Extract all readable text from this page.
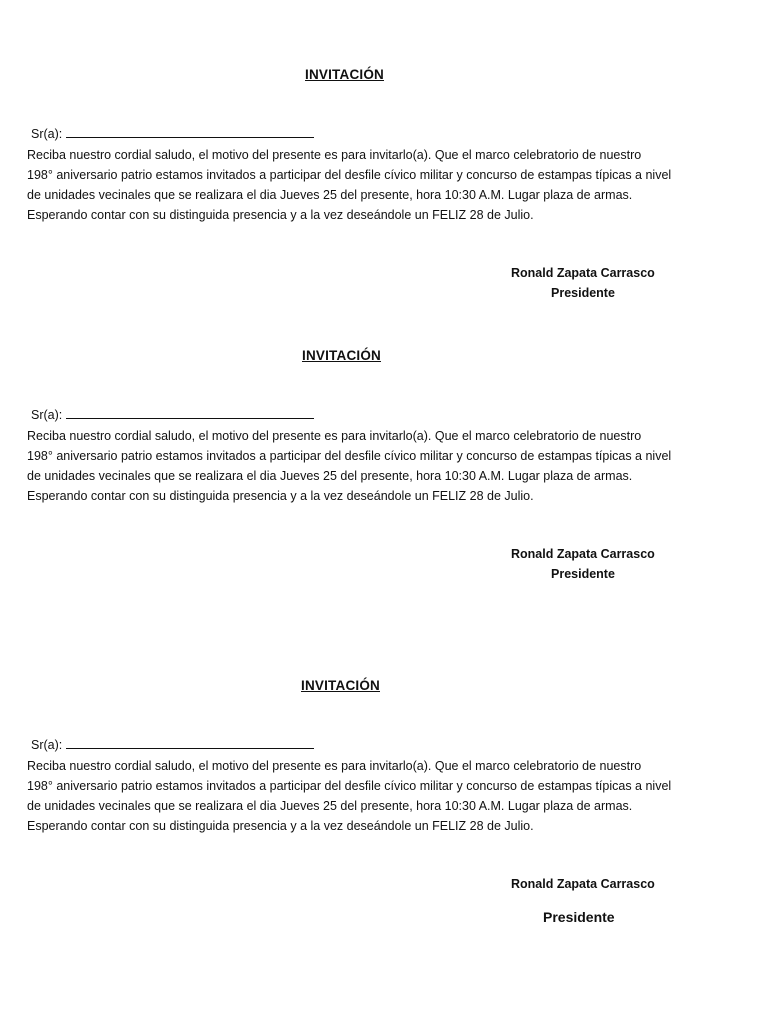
INVITACIÓN
Sr(a):
Reciba nuestro cordial saludo, el motivo del presente es para invitarlo(a). Que el marco celebratorio de nuestro
198° aniversario patrio estamos invitados a participar del desfile cívico militar y concurso de estampas típicas a nivel
de unidades vecinales que se realizara el dia Jueves 25 del presente, hora 10:30 A.M. Lugar plaza de armas.
Esperando contar con su distinguida presencia y a la vez deseándole un FELIZ 28 de Julio.
Ronald Zapata Carrasco
Presidente
INVITACIÓN
Sr(a):
Reciba nuestro cordial saludo, el motivo del presente es para invitarlo(a). Que el marco celebratorio de nuestro
198° aniversario patrio estamos invitados a participar del desfile cívico militar y concurso de estampas típicas a nivel
de unidades vecinales que se realizara el dia Jueves 25 del presente, hora 10:30 A.M. Lugar plaza de armas.
Esperando contar con su distinguida presencia y a la vez deseándole un FELIZ 28 de Julio.
Ronald Zapata Carrasco
Presidente
INVITACIÓN
Sr(a):
Reciba nuestro cordial saludo, el motivo del presente es para invitarlo(a). Que el marco celebratorio de nuestro
198° aniversario patrio estamos invitados a participar del desfile cívico militar y concurso de estampas típicas a nivel
de unidades vecinales que se realizara el dia Jueves 25 del presente, hora 10:30 A.M. Lugar plaza de armas.
Esperando contar con su distinguida presencia y a la vez deseándole un FELIZ 28 de Julio.
Ronald Zapata Carrasco
Presidente
